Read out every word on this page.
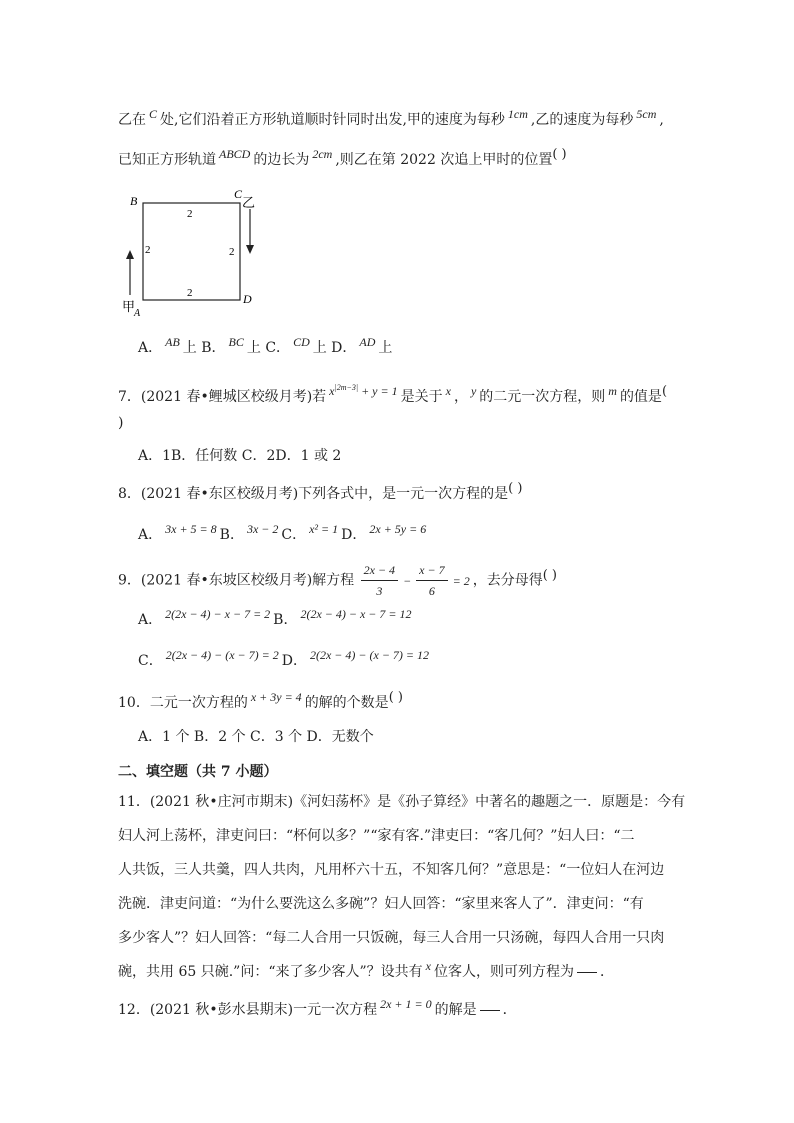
乙在 C 处,它们沿着正方形轨道顺时针同时出发,甲的速度为每秒 1cm ,乙的速度为每秒 5cm ,
已知正方形轨道 ABCD 的边长为 2cm ,则乙在第 2022 次追上甲时的位置( )
B	C
D
A
2
2	2
2
乙
甲
A． AB 上 B． BC 上 C． CD 上 D． AD 上
7．(2021 春•鲤城区校级月考)若 $x^{|2m-3|} + y = 1$ 是关于 x ， y 的二元一次方程，则 m 的值是(
)
A．1B．任何数 C．2D．1 或 2
8．(2021 春•东区校级月考)下列各式中，是一元一次方程的是( )
A． 3x + 5 = 8 B． 3x − 2 C． x² = 1 D． 2x + 5y = 6
9．(2021 春•东坡区校级月考)解方程 $\frac{2x - 4}{3} - \frac{x - 7}{6} = 2$ ，去分母得( )
A． 2(2x − 4) − x − 7 = 2 B． 2(2x − 4) − x − 7 = 12
C． 2(2x − 4) − (x − 7) = 2 D． 2(2x − 4) − (x − 7) = 12
10．二元一次方程的 x + 3y = 4 的解的个数是( )
A．1 个 B．2 个 C．3 个 D．无数个
二、填空题（共 7 小题）
11．(2021 秋•庄河市期末)《河妇荡杯》是《孙子算经》中著名的趣题之一．原题是：今有
妇人河上荡杯，津吏问曰：“杯何以多？”“家有客.”津吏曰：“客几何？”妇人曰：“二
人共饭，三人共羹，四人共肉，凡用杯六十五，不知客几何？”意思是：“一位妇人在河边
洗碗．津吏问道：“为什么要洗这么多碗”？妇人回答：“家里来客人了”．津吏问：“有
多少客人”？妇人回答：“每二人合用一只饭碗，每三人合用一只汤碗，每四人合用一只肉
碗，共用 65 只碗.”问：“来了多少客人”？设共有 x 位客人，则可列方程为 ．
12．(2021 秋•彭水县期末)一元一次方程 2x + 1 = 0 的解是 ．
